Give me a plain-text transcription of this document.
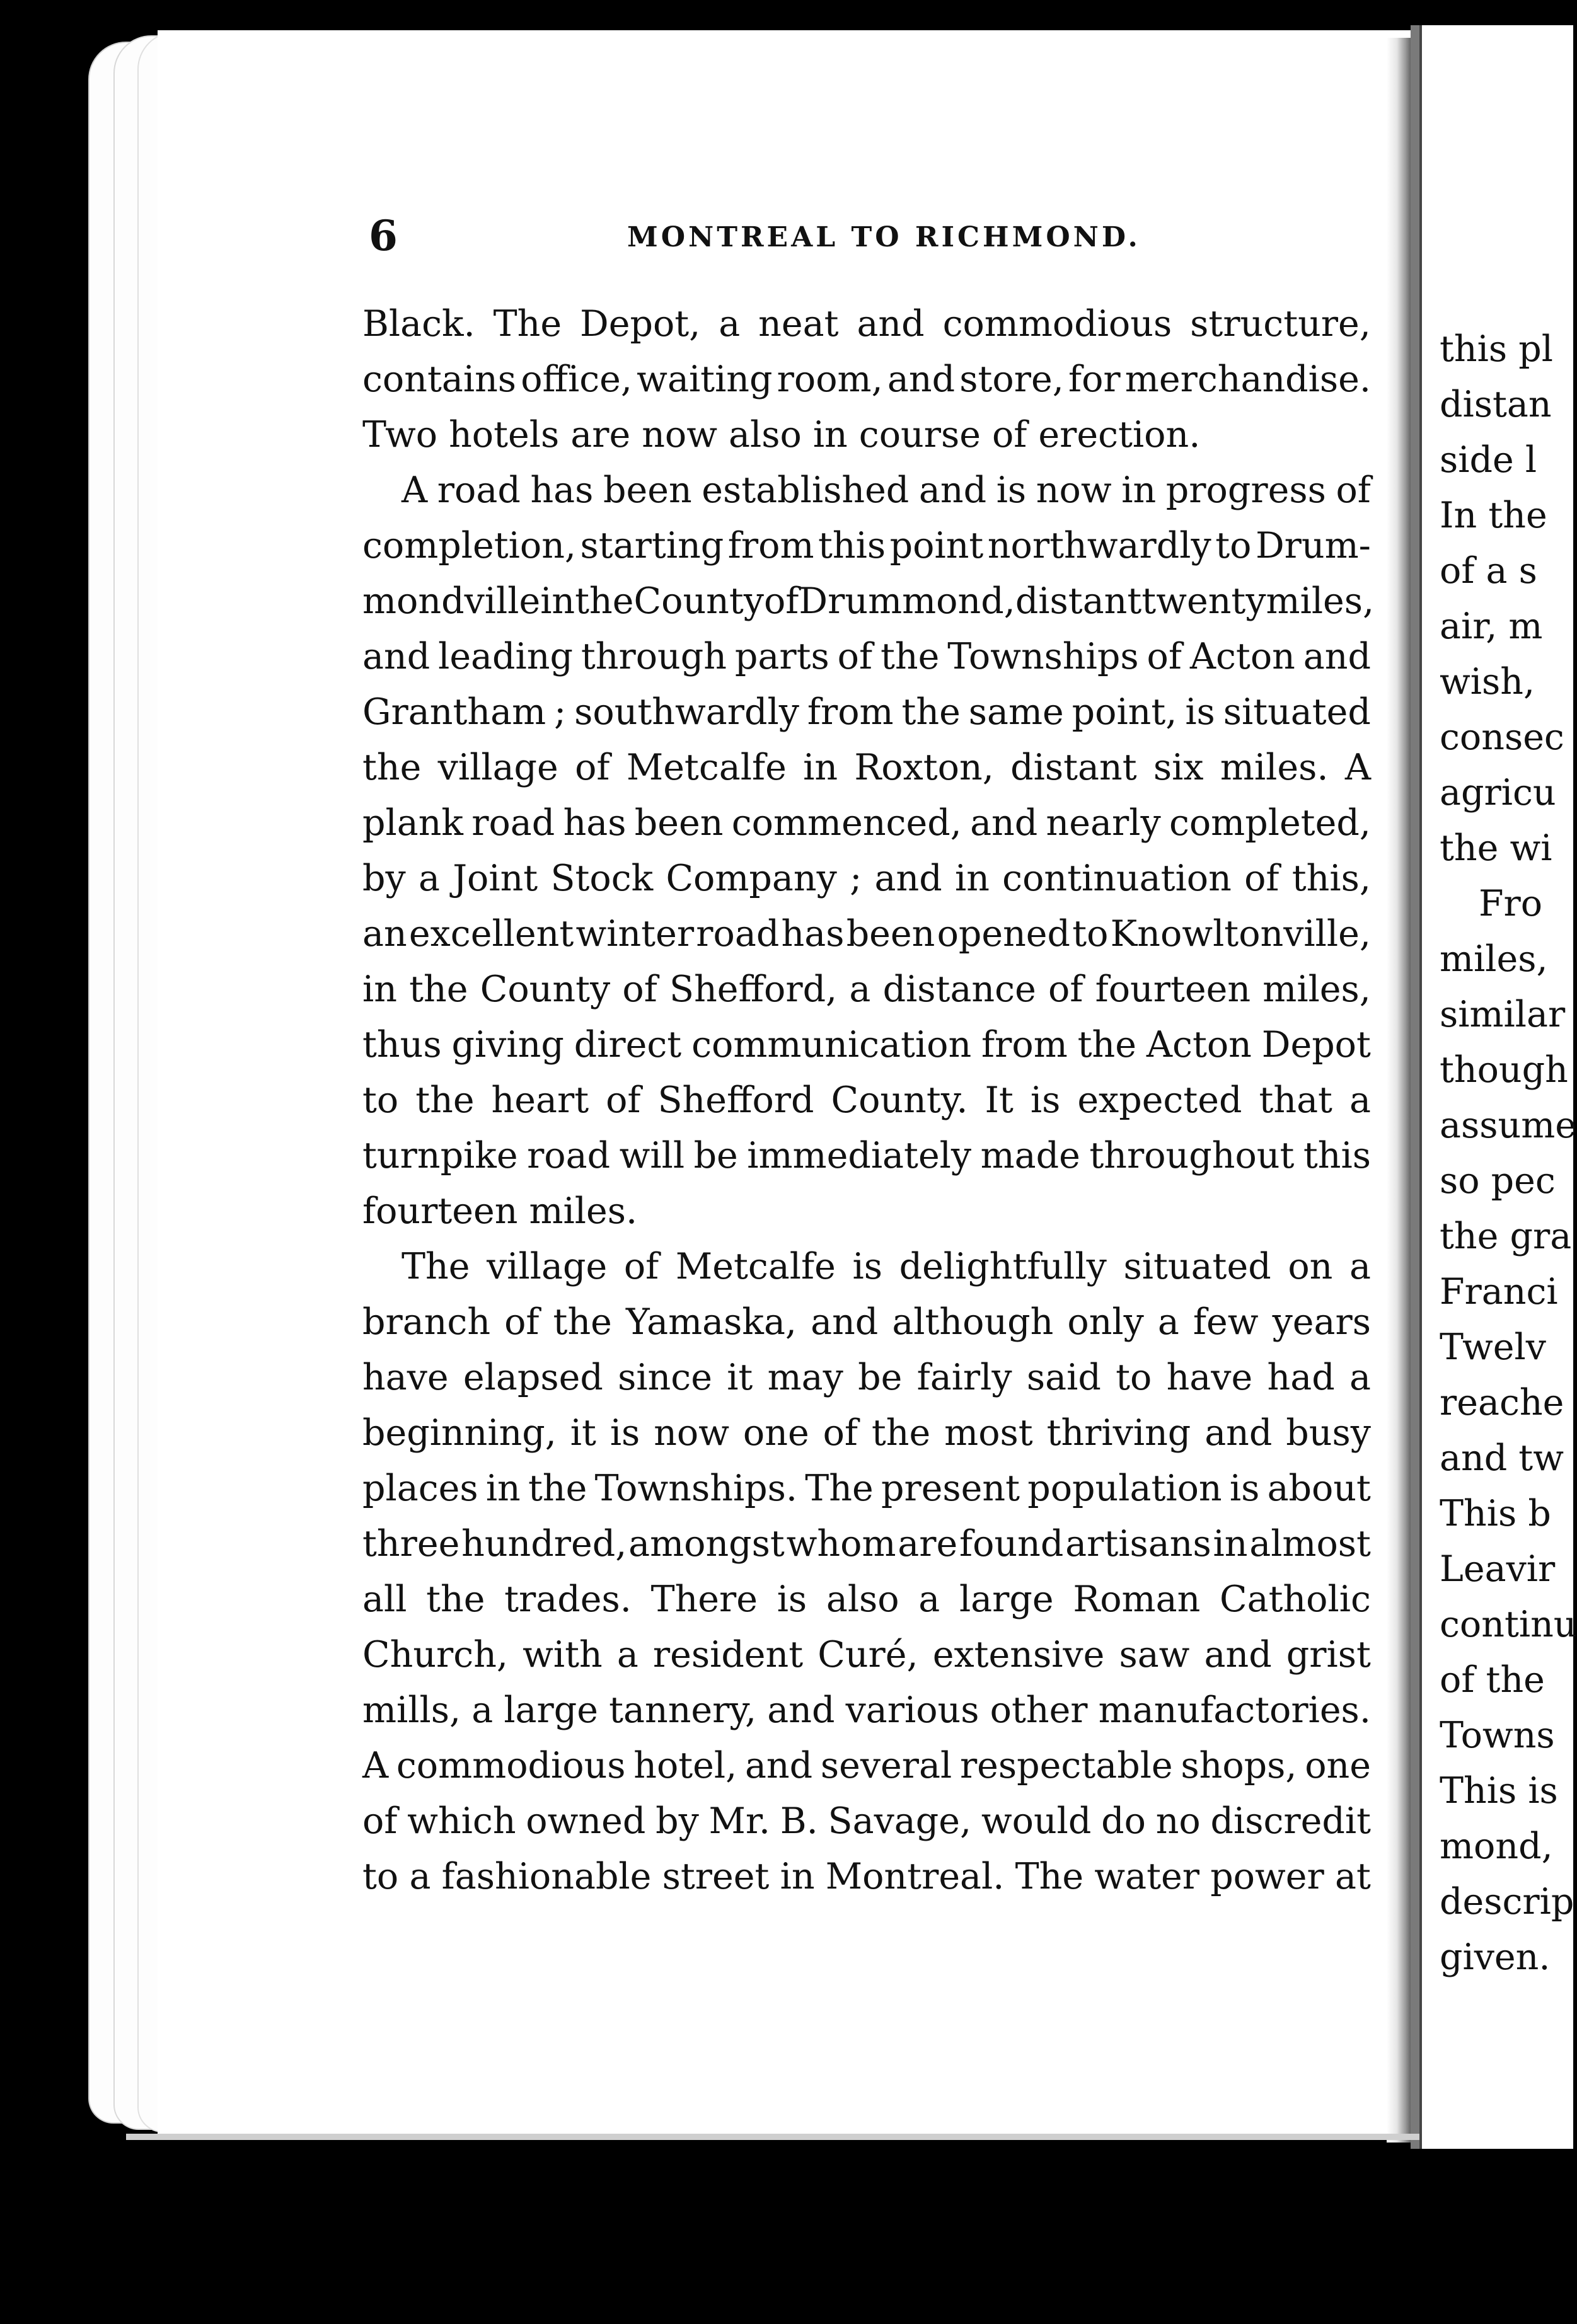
this pl
distan
side l
In the
of a s
air, m
wish,
consec
agricu
the wi
Fro
miles,
similar
though
assume
so pec
the gra
Franci
Twelv
reache
and tw
This b
Leavir
continu
of the
Towns
This is
mond,
descrip
given.
6	MONTREAL TO RICHMOND.
Black. The Depot, a neat and commodious structure,
contains office, waiting room, and store, for merchandise.
Two hotels are now also in course of erection.
A road has been established and is now in progress of
completion, starting from this point northwardly to Drum-
mondville in the County of Drummond, distant twenty miles,
and leading through parts of the Townships of Acton and
Grantham ; southwardly from the same point, is situated
the village of Metcalfe in Roxton, distant six miles. A
plank road has been commenced, and nearly completed,
by a Joint Stock Company ; and in continuation of this,
an excellent winter road has been opened to Knowltonville,
in the County of Shefford, a distance of fourteen miles,
thus giving direct communication from the Acton Depot
to the heart of Shefford County. It is expected that a
turnpike road will be immediately made throughout this
fourteen miles.
The village of Metcalfe is delightfully situated on a
branch of the Yamaska, and although only a few years
have elapsed since it may be fairly said to have had a
beginning, it is now one of the most thriving and busy
places in the Townships. The present population is about
three hundred, amongst whom are found artisans in almost
all the trades. There is also a large Roman Catholic
Church, with a resident Curé, extensive saw and grist
mills, a large tannery, and various other manufactories.
A commodious hotel, and several respectable shops, one
of which owned by Mr. B. Savage, would do no discredit
to a fashionable street in Montreal. The water power at
